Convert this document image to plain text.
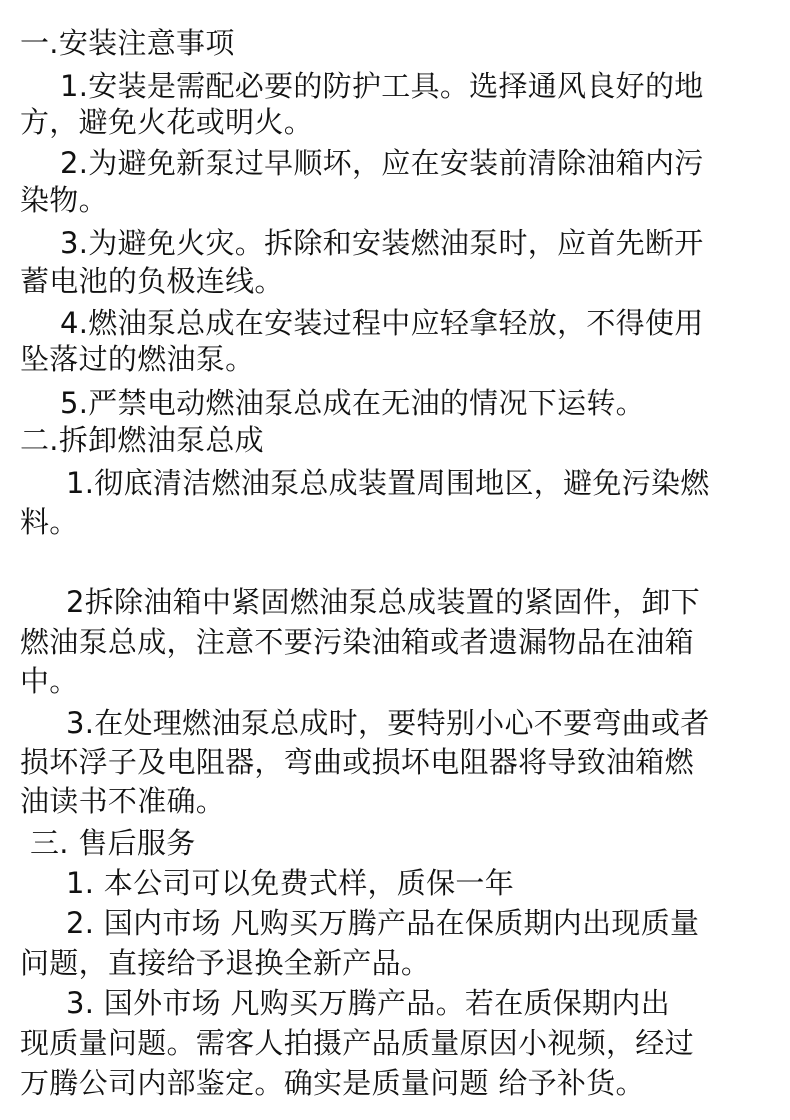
一.安装注意事项
1.安装是需配必要的防护工具。选择通风良好的地
方，避免火花或明火。
2.为避免新泵过早顺坏，应在安装前清除油箱内污
染物。
3.为避免火灾。拆除和安装燃油泵时，应首先断开
蓄电池的负极连线。
4.燃油泵总成在安装过程中应轻拿轻放，不得使用
坠落过的燃油泵。
5.严禁电动燃油泵总成在无油的情况下运转。
二.拆卸燃油泵总成
1.彻底清洁燃油泵总成装置周围地区，避免污染燃
料。
2拆除油箱中紧固燃油泵总成装置的紧固件，卸下
燃油泵总成，注意不要污染油箱或者遗漏物品在油箱
中。
3.在处理燃油泵总成时，要特别小心不要弯曲或者
损坏浮子及电阻器，弯曲或损坏电阻器将导致油箱燃
油读书不准确。
三. 售后服务
1. 本公司可以免费式样，质保一年
2. 国内市场 凡购买万腾产品在保质期内出现质量
问题，直接给予退换全新产品。
3. 国外市场 凡购买万腾产品。若在质保期内出
现质量问题。需客人拍摄产品质量原因小视频，经过
万腾公司内部鉴定。确实是质量问题 给予补货。
